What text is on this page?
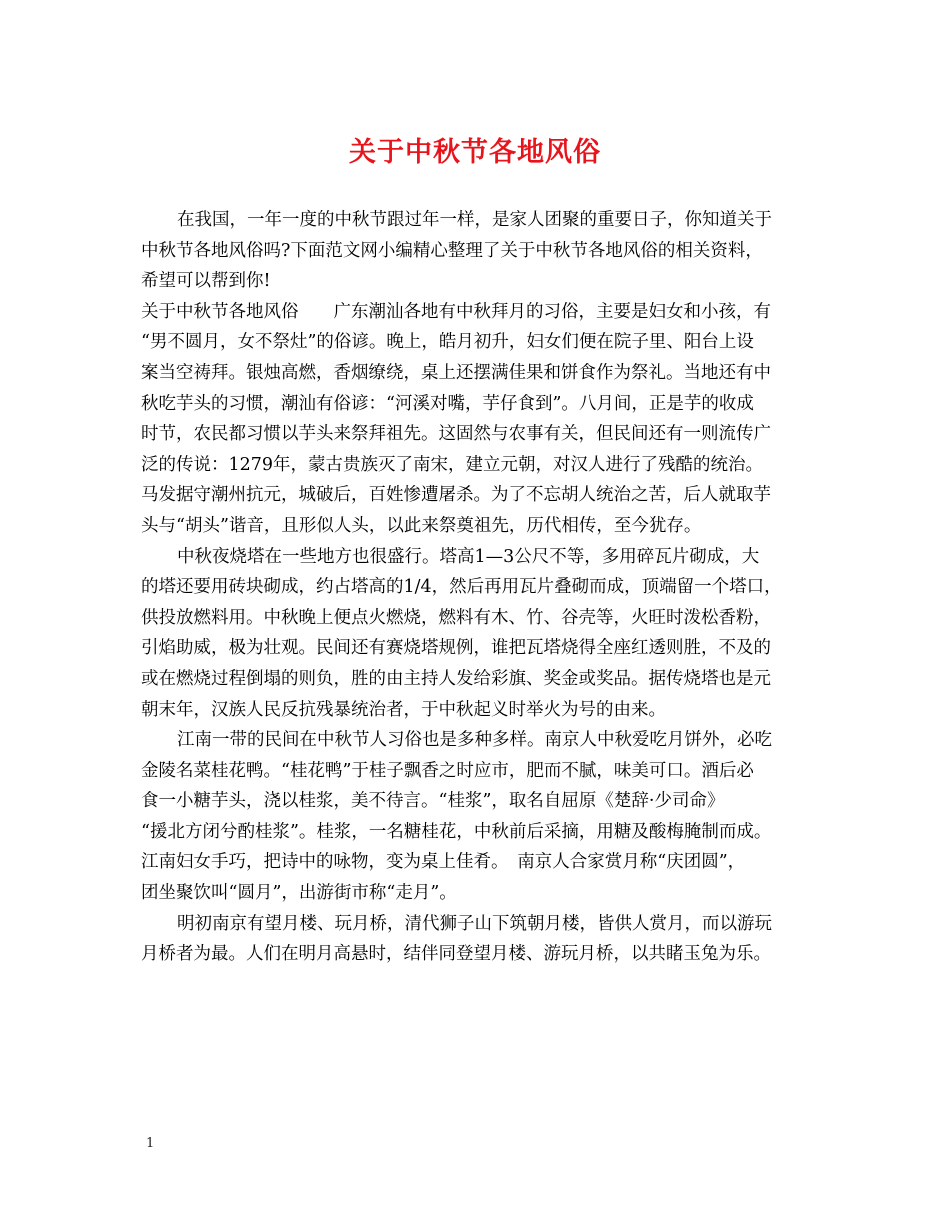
关于中秋节各地风俗
在我国，一年一度的中秋节跟过年一样，是家人团聚的重要日子，你知道关于
中秋节各地风俗吗?下面范文网小编精心整理了关于中秋节各地风俗的相关资料，
希望可以帮到你!
关于中秋节各地风俗　　广东潮汕各地有中秋拜月的习俗，主要是妇女和小孩，有
“男不圆月，女不祭灶”的俗谚。晚上，皓月初升，妇女们便在院子里、阳台上设
案当空祷拜。银烛高燃，香烟缭绕，桌上还摆满佳果和饼食作为祭礼。当地还有中
秋吃芋头的习惯，潮汕有俗谚：“河溪对嘴，芋仔食到”。八月间，正是芋的收成
时节，农民都习惯以芋头来祭拜祖先。这固然与农事有关，但民间还有一则流传广
泛的传说：1279年，蒙古贵族灭了南宋，建立元朝，对汉人进行了残酷的统治。
马发据守潮州抗元，城破后，百姓惨遭屠杀。为了不忘胡人统治之苦，后人就取芋
头与“胡头”谐音，且形似人头，以此来祭奠祖先，历代相传，至今犹存。
中秋夜烧塔在一些地方也很盛行。塔高1—3公尺不等，多用碎瓦片砌成，大
的塔还要用砖块砌成，约占塔高的1/4，然后再用瓦片叠砌而成，顶端留一个塔口，
供投放燃料用。中秋晚上便点火燃烧，燃料有木、竹、谷壳等，火旺时泼松香粉，
引焰助威，极为壮观。民间还有赛烧塔规例，谁把瓦塔烧得全座红透则胜，不及的
或在燃烧过程倒塌的则负，胜的由主持人发给彩旗、奖金或奖品。据传烧塔也是元
朝末年，汉族人民反抗残暴统治者，于中秋起义时举火为号的由来。
江南一带的民间在中秋节人习俗也是多种多样。南京人中秋爱吃月饼外，必吃
金陵名菜桂花鸭。“桂花鸭”于桂子飘香之时应市，肥而不腻，味美可口。酒后必
食一小糖芋头，浇以桂浆，美不待言。“桂浆”，取名自屈原《楚辞·少司命》
“援北方闭兮酌桂浆”。桂浆，一名糖桂花，中秋前后采摘，用糖及酸梅腌制而成。
江南妇女手巧，把诗中的咏物，变为桌上佳肴。　南京人合家赏月称“庆团圆”，
团坐聚饮叫“圆月”，出游街市称“走月”。
明初南京有望月楼、玩月桥，清代狮子山下筑朝月楼，皆供人赏月，而以游玩
月桥者为最。人们在明月高悬时，结伴同登望月楼、游玩月桥，以共睹玉兔为乐。
1
